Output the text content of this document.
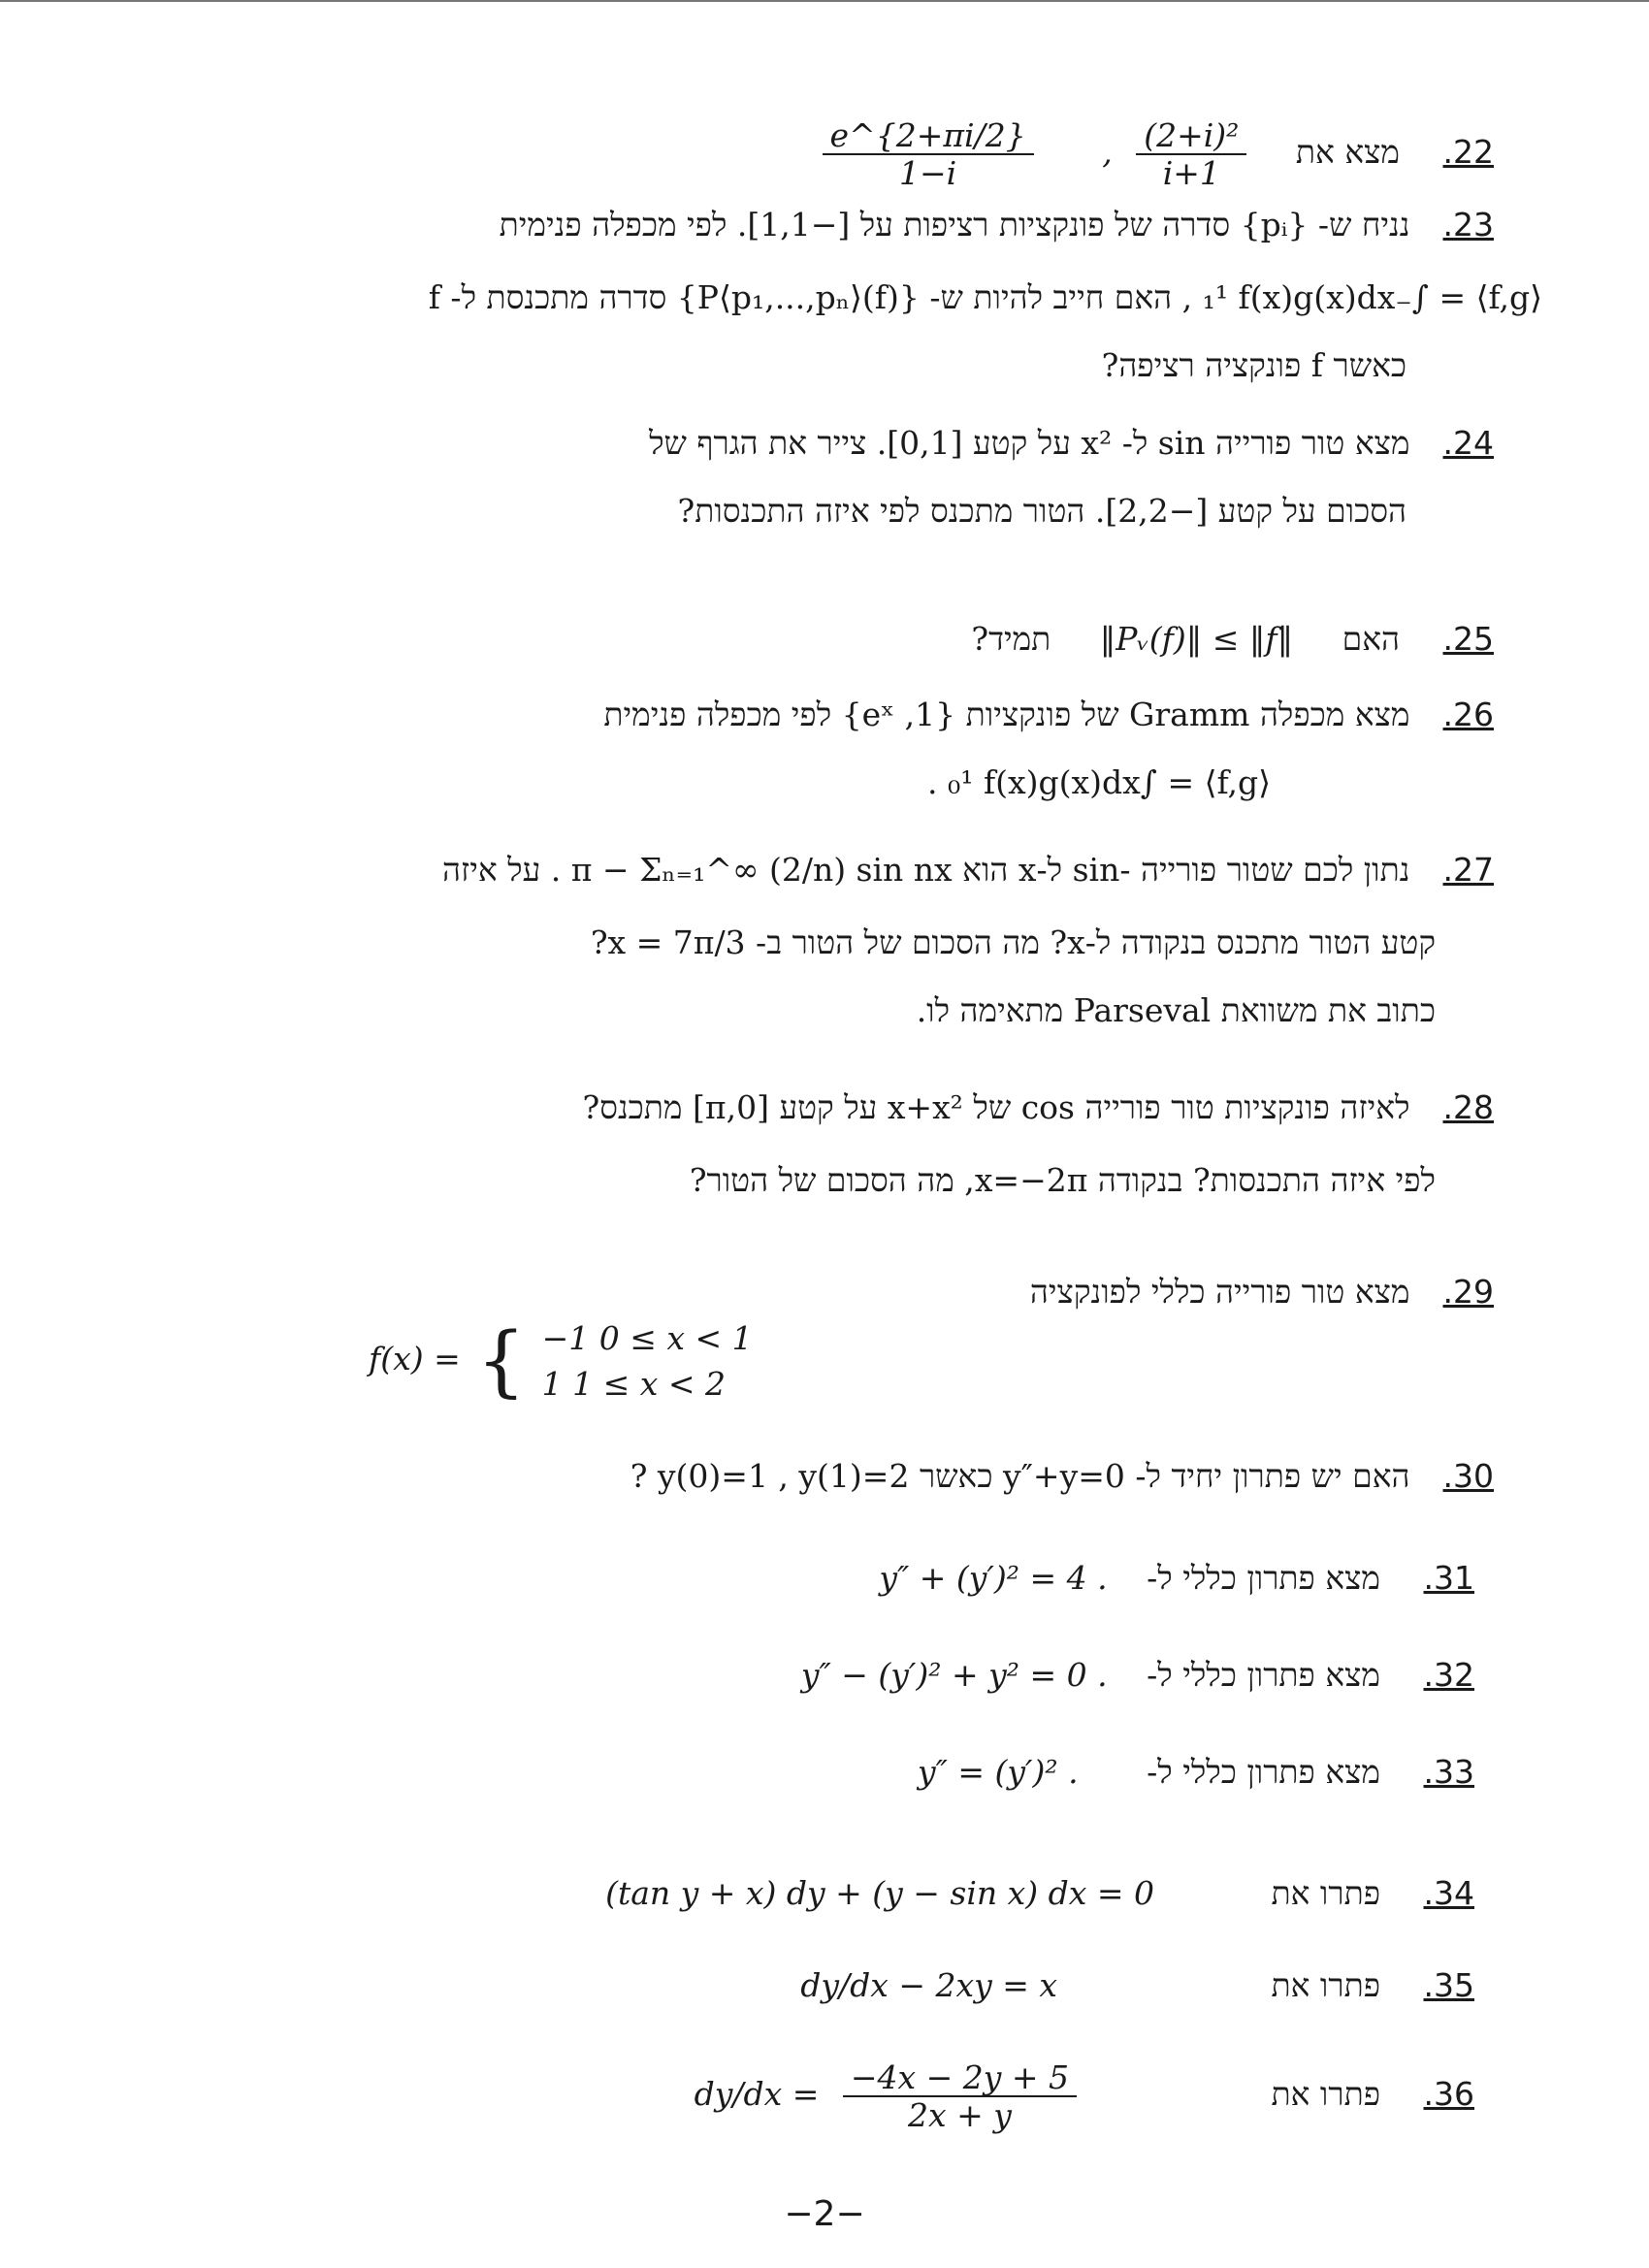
22. מצא את
$\frac{\text{(2+i)²}}{i+1}$
,
$\frac{e\^{}\{2+\pi i/2\}}{1-i}$
23.נניח ש- {pᵢ} סדרה של פונקציות רציפות על [−1,1]. לפי מכפלה פנימית
⟨f,g⟩ = ∫₋₁¹ f(x)g(x)dx , האם חייב להיות ש- {P⟨p₁,...,pₙ⟩(f)} סדרה מתכנסת ל- f
כאשר f פונקציה רציפה?
24.מצא טור פורייה sin ל- x² על קטע [0,1]. צייר את הגרף של
הסכום על קטע [−2,2]. הטור מתכנס לפי איזה התכנסות?
25. האם ‖Pᵥ(f)‖ ≤ ‖f‖ תמיד?
26.מצא מכפלה Gramm של פונקציות {1, eˣ} לפי מכפלה פנימית
⟨f,g⟩ = ∫₀¹ f(x)g(x)dx .
27.נתון לכם שטור פורייה -sin ל-x הוא π − Σₙ₌₁^∞ (2/n) sin nx . על איזה
קטע הטור מתכנס בנקודה ל-x? מה הסכום של הטור ב- x = 7π/3?
כתוב את משוואת Parseval מתאימה לו.
28.לאיזה פונקציות טור פורייה cos של x+x² על קטע [0,π] מתכנס?
לפי איזה התכנסות? בנקודה x=−2π, מה הסכום של הטור?
29.מצא טור פורייה כללי לפונקציה
f(x) = { −1 0 ≤ x < 1
1 1 ≤ x < 2
30.האם יש פתרון יחיד ל- y″+y=0 כאשר y(0)=1 , y(1)=2 ?
31. מצא פתרון כללי ל- y″ + (y′)² = 4 .
32. מצא פתרון כללי ל- y″ − (y′)² + y² = 0 .
33. מצא פתרון כללי ל- y″ = (y′)² .
34. פתרו את (tan y + x) dy + (y − sin x) dx = 0
35. פתרו את dy/dx − 2xy = x
36. פתרו את
$\frac{-4x - 2y + 5}{2x + y}$
dy/dx =
−2−
